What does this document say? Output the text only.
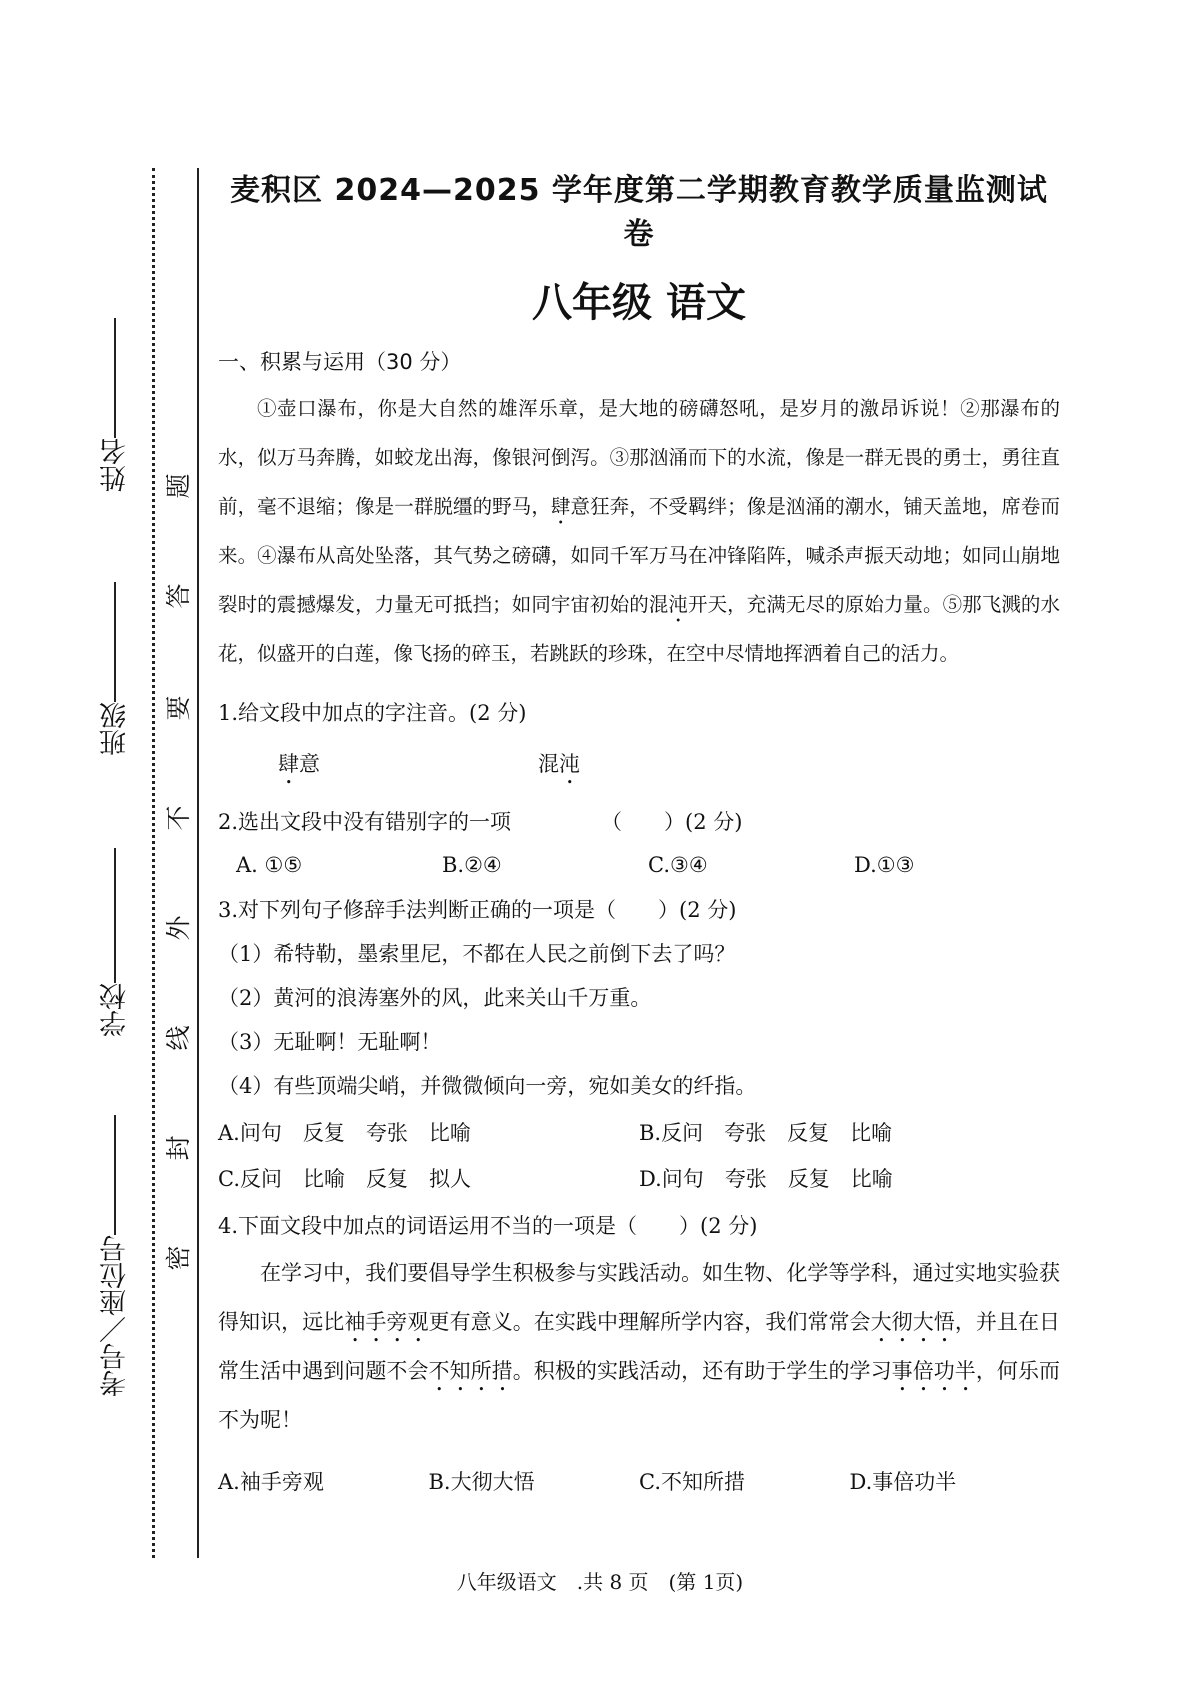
姓名
班级
学校
考号／座位号
题
答
要
不
外
线
封
密
麦积区 2024—2025 学年度第二学期教育教学质量监测试卷
八年级 语文
一、积累与运用（30 分）

①壶口瀑布，你是大自然的雄浑乐章，是大地的磅礴怒吼，是岁月的激昂诉说！②那瀑布的水，似万马奔腾，如蛟龙出海，像银河倒泻。③那汹涌而下的水流，像是一群无畏的勇士，勇往直前，毫不退缩；像是一群脱缰的野马，肆意狂奔，不受羁绊；像是汹涌的潮水，铺天盖地，席卷而来。④瀑布从高处坠落，其气势之磅礴，如同千军万马在冲锋陷阵，喊杀声振天动地；如同山崩地裂时的震撼爆发，力量无可抵挡；如同宇宙初始的混沌开天，充满无尽的原始力量。⑤那飞溅的水花，似盛开的白莲，像飞扬的碎玉，若跳跃的珍珠，在空中尽情地挥洒着自己的活力。

1.给文段中加点的字注音。(2 分)
肆意	混沌
2.选出文段中没有错别字的一项	（　　）(2 分)
A. ①⑤	B.②④	C.③④	D.①③
3.对下列句子修辞手法判断正确的一项是（　　）(2 分)
（1）希特勒，墨索里尼，不都在人民之前倒下去了吗？
（2）黄河的浪涛塞外的风，此来关山千万重。
（3）无耻啊！无耻啊！
（4）有些顶端尖峭，并微微倾向一旁，宛如美女的纤指。
A.问句　反复　夸张　比喻	B.反问　夸张　反复　比喻
C.反问　比喻　反复　拟人	D.问句　夸张　反复　比喻
4.下面文段中加点的词语运用不当的一项是（　　）(2 分)

在学习中，我们要倡导学生积极参与实践活动。如生物、化学等学科，通过实地实验获得知识，远比袖手旁观更有意义。在实践中理解所学内容，我们常常会大彻大悟，并且在日常生活中遇到问题不会不知所措。积极的实践活动，还有助于学生的学习事倍功半，何乐而不为呢！

A.袖手旁观	B.大彻大悟	C.不知所措	D.事倍功半
八年级语文　.共 8 页　(第 1页)
